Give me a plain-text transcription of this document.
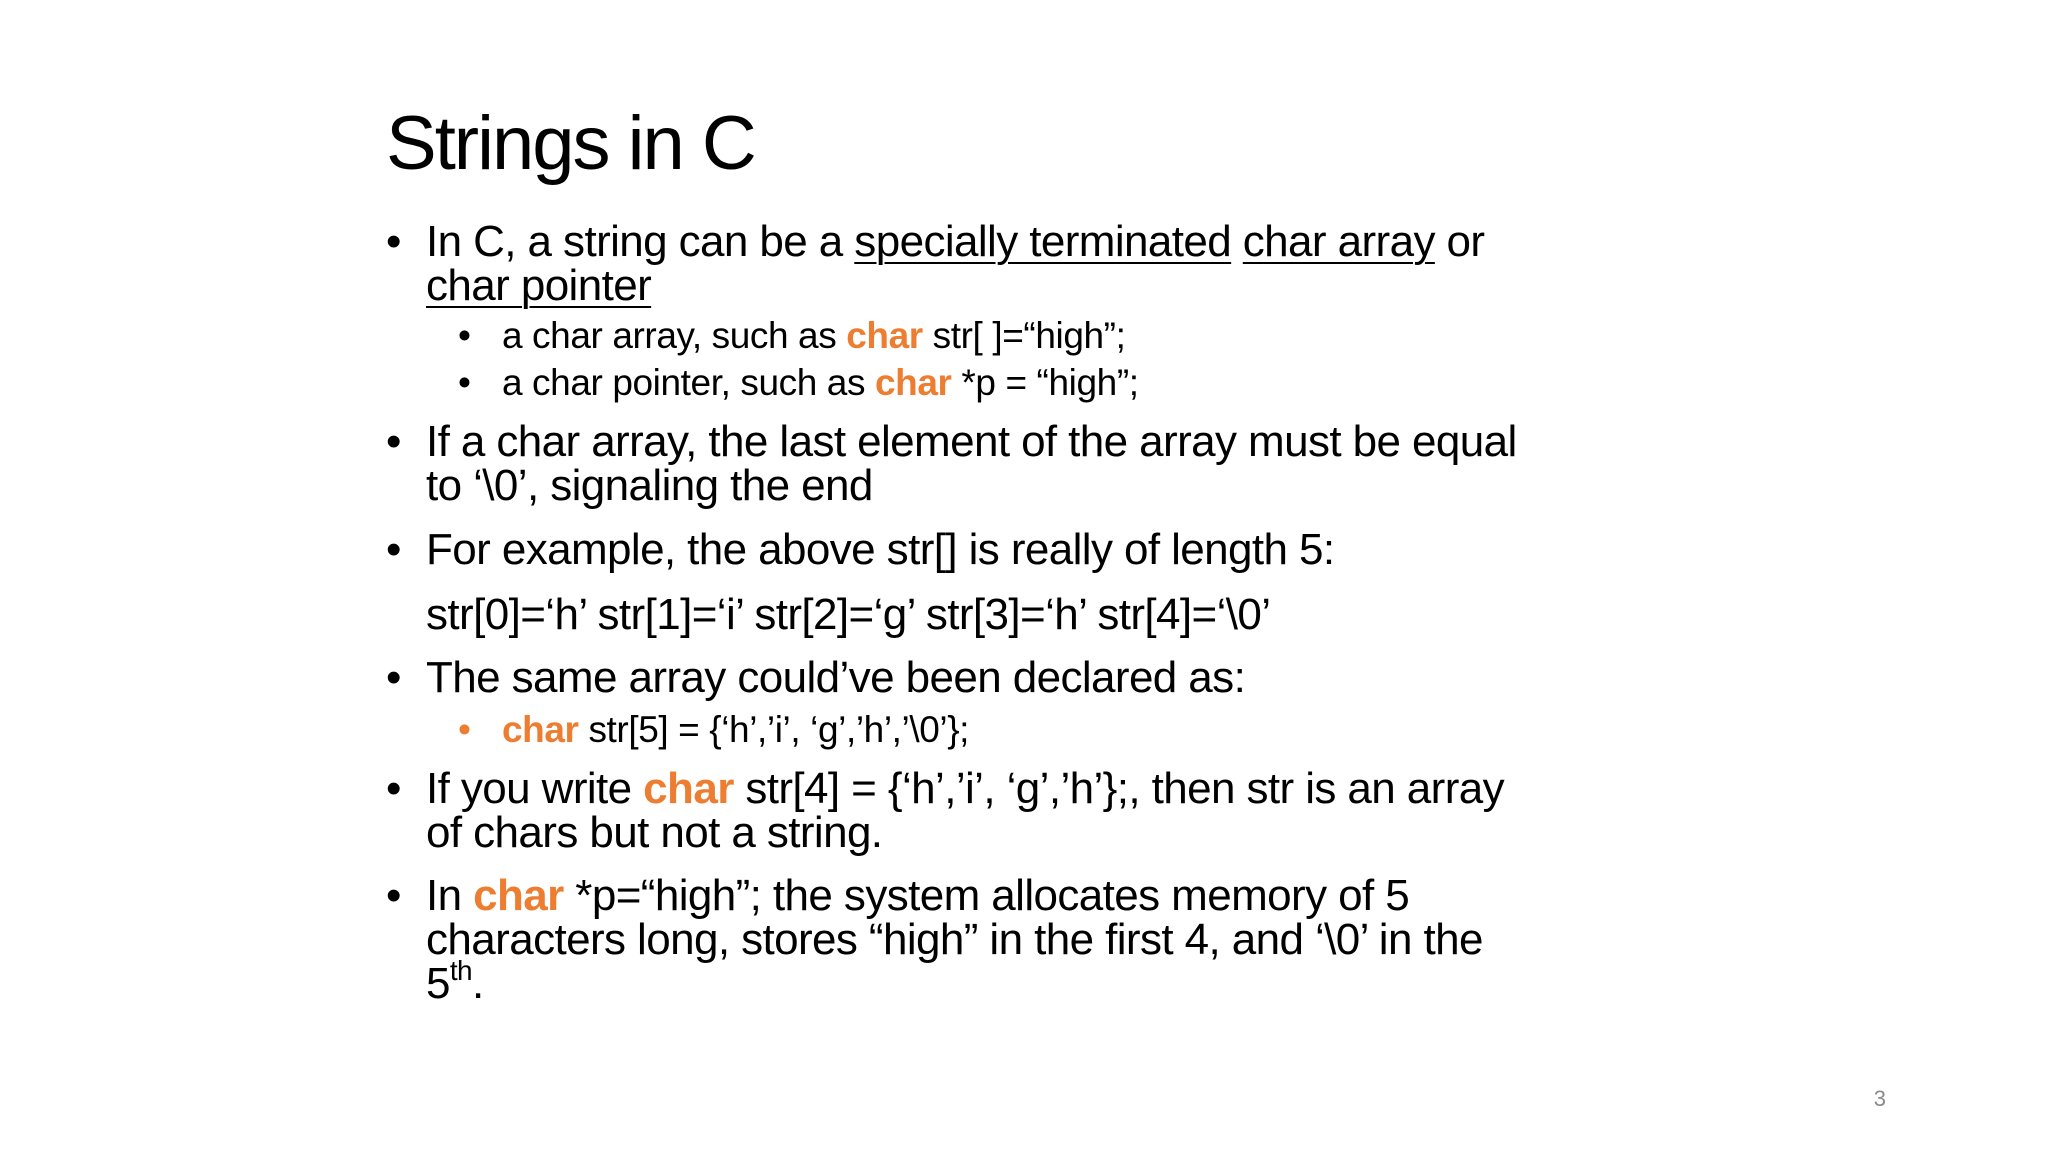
Strings in C
• In C, a string can be a specially terminated char array or
char pointer
• a char array, such as char str[ ]=“high”;
• a char pointer, such as char *p = “high”;
• If a char array, the last element of the array must be equal
to ‘\0’, signaling the end
• For example, the above str[] is really of length 5:
str[0]=‘h’ str[1]=‘i’ str[2]=‘g’ str[3]=‘h’ str[4]=‘\0’
• The same array could’ve been declared as:
• char str[5] = {‘h’,’i’, ‘g’,’h’,’\0’};
• If you write char str[4] = {‘h’,’i’, ‘g’,’h’};, then str is an array
of chars but not a string.
• In char *p=“high”; the system allocates memory of 5
characters long, stores “high” in the first 4, and ‘\0’ in the
5th.
3
